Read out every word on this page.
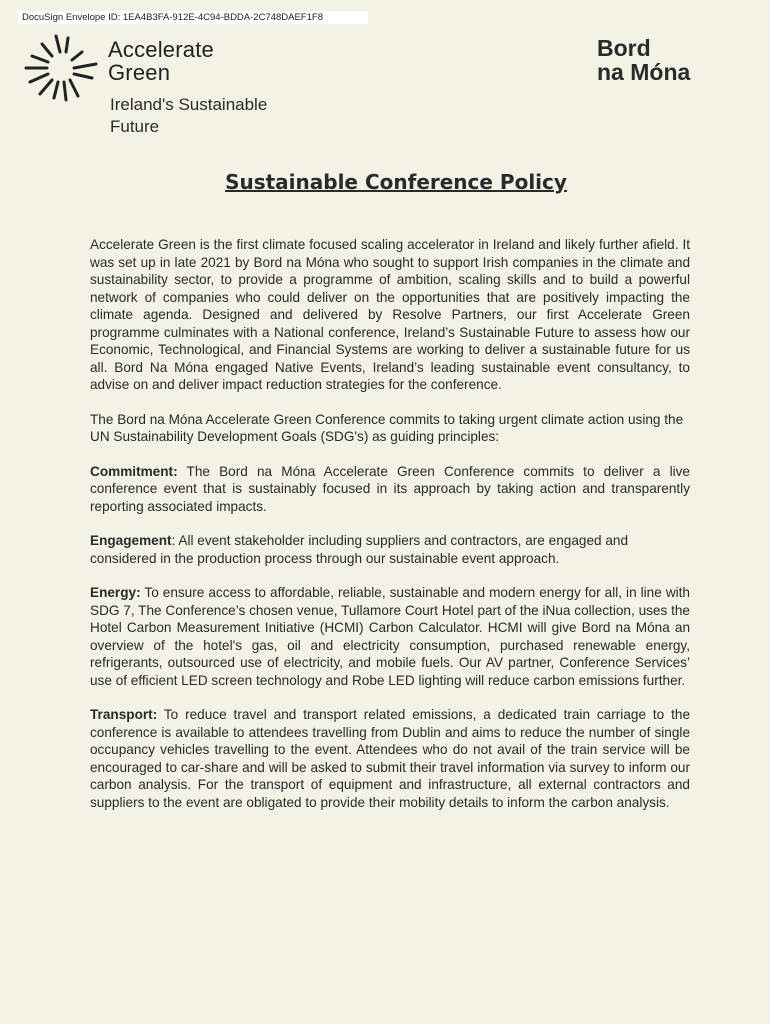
DocuSign Envelope ID: 1EA4B3FA-912E-4C94-BDDA-2C748DAEF1F8
Accelerate
Green
Ireland's Sustainable
Future
Bord
na Móna
Sustainable Conference Policy

Accelerate Green is the first climate focused scaling accelerator in Ireland and likely further afield. It was set up in late 2021 by Bord na Móna who sought to support Irish companies in the climate and sustainability sector, to provide a programme of ambition, scaling skills and to build a powerful network of companies who could deliver on the opportunities that are positively impacting the climate agenda. Designed and delivered by Resolve Partners, our first Accelerate Green programme culminates with a National conference, Ireland’s Sustainable Future to assess how our Economic, Technological, and Financial Systems are working to deliver a sustainable future for us all. Bord Na Móna engaged Native Events, Ireland’s leading sustainable event consultancy, to advise on and deliver impact reduction strategies for the conference.

The Bord na Móna Accelerate Green Conference commits to taking urgent climate action using the UN Sustainability Development Goals (SDG's) as guiding principles:

Commitment: The Bord na Móna Accelerate Green Conference commits to deliver a live conference event that is sustainably focused in its approach by taking action and transparently reporting associated impacts.

Engagement: All event stakeholder including suppliers and contractors, are engaged and considered in the production process through our sustainable event approach.

Energy: To ensure access to affordable, reliable, sustainable and modern energy for all, in line with SDG 7, The Conference’s chosen venue, Tullamore Court Hotel part of the iNua collection, uses the Hotel Carbon Measurement Initiative (HCMI) Carbon Calculator. HCMI will give Bord na Móna an overview of the hotel's gas, oil and electricity consumption, purchased renewable energy, refrigerants, outsourced use of electricity, and mobile fuels. Our AV partner, Conference Services’ use of efficient LED screen technology and Robe LED lighting will reduce carbon emissions further.

Transport: To reduce travel and transport related emissions, a dedicated train carriage to the conference is available to attendees travelling from Dublin and aims to reduce the number of single occupancy vehicles travelling to the event. Attendees who do not avail of the train service will be encouraged to car-share and will be asked to submit their travel information via survey to inform our carbon analysis. For the transport of equipment and infrastructure, all external contractors and suppliers to the event are obligated to provide their mobility details to inform the carbon analysis.
